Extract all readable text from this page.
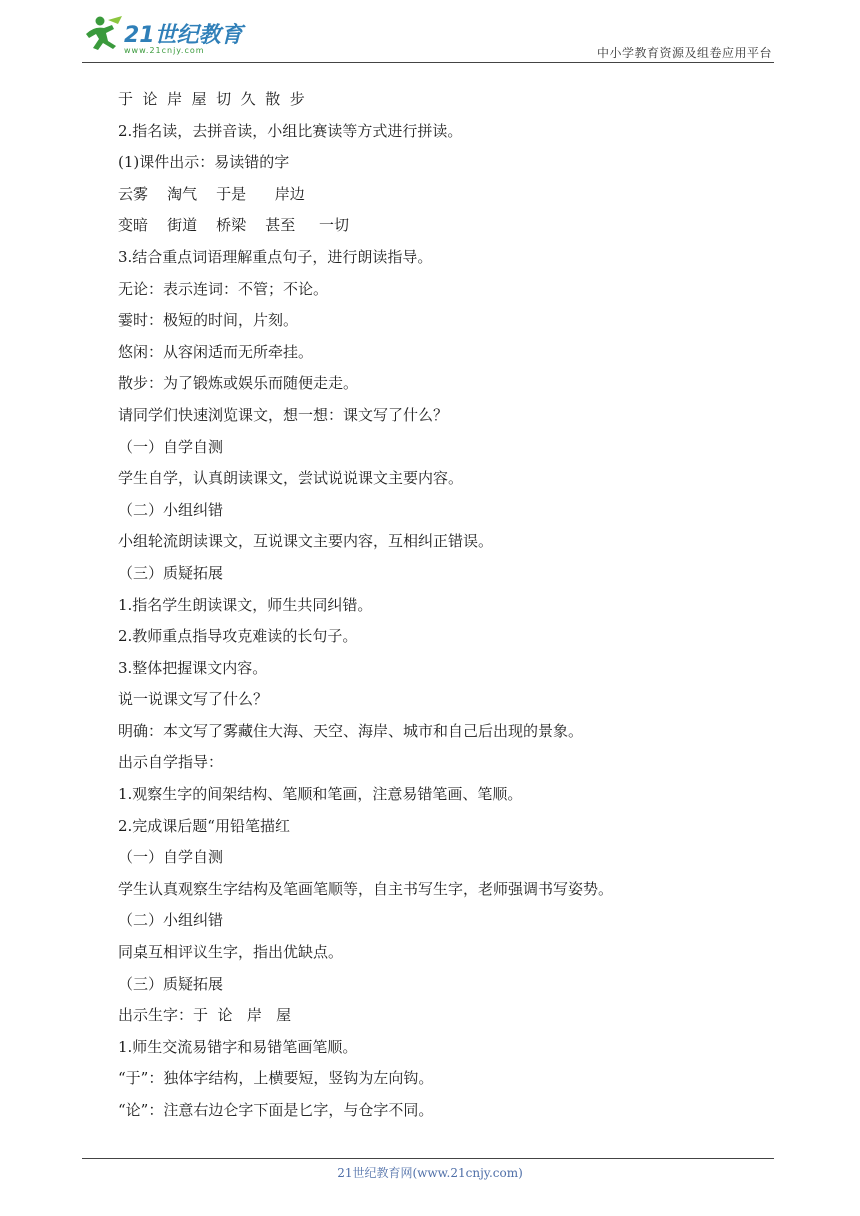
21世纪教育
www.21cnjy.com	中小学教育资源及组卷应用平台
于  论  岸  屋  切  久  散  步
2.指名读，去拼音读，小组比赛读等方式进行拼读。
(1)课件出示：易读错的字
云雾    淘气    于是      岸边
变暗    街道    桥梁    甚至     一切
3.结合重点词语理解重点句子，进行朗读指导。
无论：表示连词：不管；不论。
霎时：极短的时间，片刻。
悠闲：从容闲适而无所牵挂。
散步：为了锻炼或娱乐而随便走走。
请同学们快速浏览课文，想一想：课文写了什么？
（一）自学自测
学生自学，认真朗读课文，尝试说说课文主要内容。
（二）小组纠错
小组轮流朗读课文，互说课文主要内容，互相纠正错误。
（三）质疑拓展
1.指名学生朗读课文，师生共同纠错。
2.教师重点指导攻克难读的长句子。
3.整体把握课文内容。
说一说课文写了什么？
明确：本文写了雾藏住大海、天空、海岸、城市和自己后出现的景象。
出示自学指导：
1.观察生字的间架结构、笔顺和笔画，注意易错笔画、笔顺。
2.完成课后题“用铅笔描红
（一）自学自测
学生认真观察生字结构及笔画笔顺等，自主书写生字，老师强调书写姿势。
（二）小组纠错
同桌互相评议生字，指出优缺点。
（三）质疑拓展
出示生字：于  论   岸   屋
1.师生交流易错字和易错笔画笔顺。
“于”：独体字结构，上横要短，竖钩为左向钩。
“论”：注意右边仑字下面是匕字，与仓字不同。
21世纪教育网(www.21cnjy.com)
